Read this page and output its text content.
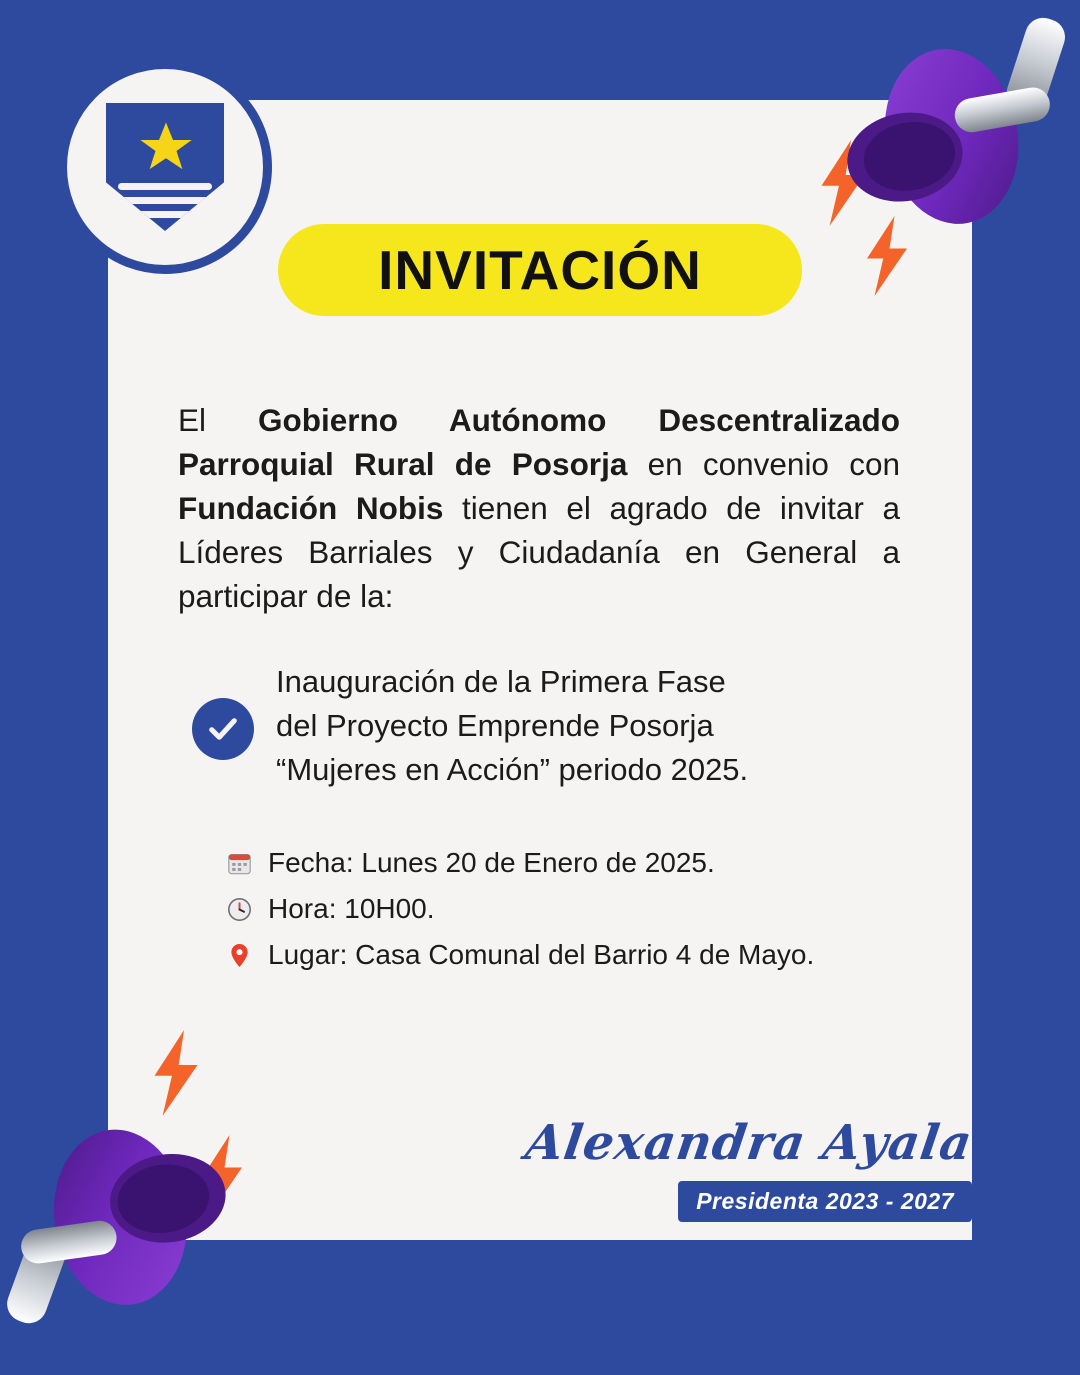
INVITACIÓN

El Gobierno Autónomo Descentralizado Parroquial Rural de Posorja en convenio con Fundación Nobis tienen el agrado de invitar a Líderes Barriales y Ciudadanía en General a participar de la:

Inauguración de la Primera Fase
del Proyecto Emprende Posorja
“Mujeres en Acción” periodo 2025.
Fecha: Lunes 20 de Enero de 2025.
Hora: 10H00.
Lugar: Casa Comunal del Barrio 4 de Mayo.
Alexandra Ayala
Presidenta 2023 - 2027
